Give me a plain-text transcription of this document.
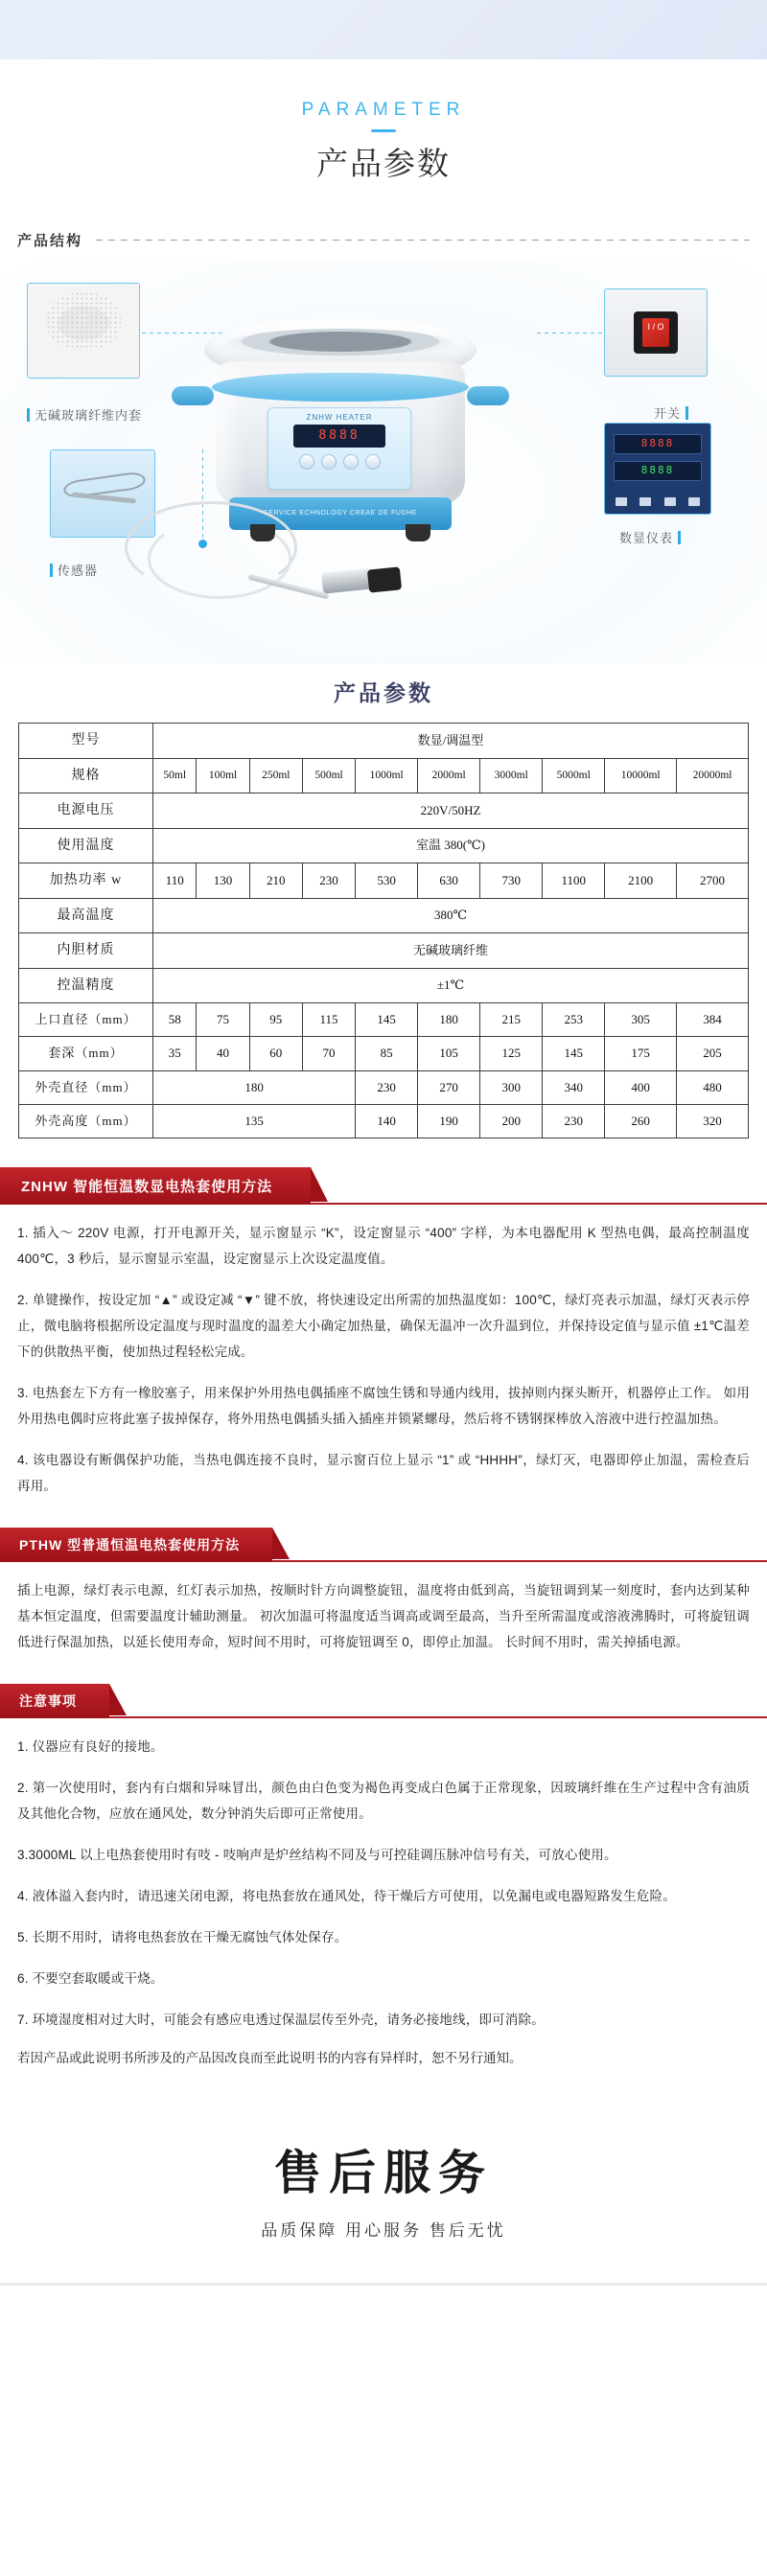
PARAMETER
产品参数
产品结构
无碱玻璃纤维内套
I / O
开关
8888
8888
数显仪表
传感器
ZNHW HEATER
8888
SERVICE ECHNOLOGY CREAE DE FUDHE
产品参数
型号	数显/调温型									
规格	50ml	100ml	250ml	500ml	1000ml	2000ml	3000ml	5000ml	10000ml	20000ml
电源电压	220V/50HZ									
使用温度	室温 380(℃)									
加热功率 w	110	130	210	230	530	630	730	1100	2100	2700
最高温度	380℃									
内胆材质	无碱玻璃纤维									
控温精度	±1℃									
上口直径（mm）	58	75	95	115	145	180	215	253	305	384
套深（mm）	35	40	60	70	85	105	125	145	175	205
外壳直径（mm）	180				230	270	300	340	400	480
外壳高度（mm）	135				140	190	200	230	260	320
ZNHW 智能恒温数显电热套使用方法

1. 插入～ 220V 电源，打开电源开关，显示窗显示 “K”，设定窗显示 “400” 字样，为本电器配用 K 型热电偶，最高控制温度 400℃，3 秒后，显示窗显示室温，设定窗显示上次设定温度值。

2. 单键操作，按设定加 “▲” 或设定减 “▼” 键不放，将快速设定出所需的加热温度如：100℃，绿灯亮表示加温，绿灯灭表示停止，微电脑将根据所设定温度与现时温度的温差大小确定加热量，确保无温冲一次升温到位，并保持设定值与显示值 ±1℃温差下的供散热平衡，使加热过程轻松完成。

3. 电热套左下方有一橡胶塞子，用来保护外用热电偶插座不腐蚀生锈和导通内线用，拔掉则内探头断开，机器停止工作。 如用外用热电偶时应将此塞子拔掉保存，将外用热电偶插头插入插座并锁紧螺母，然后将不锈钢探棒放入溶液中进行控温加热。

4. 该电器设有断偶保护功能，当热电偶连接不良时，显示窗百位上显示 “1” 或 “HHHH”，绿灯灭，电器即停止加温，需检查后再用。

PTHW 型普通恒温电热套使用方法

插上电源，绿灯表示电源，红灯表示加热，按顺时针方向调整旋钮，温度将由低到高，当旋钮调到某一刻度时，套内达到某种基本恒定温度，但需要温度计辅助测量。 初次加温可将温度适当调高或调至最高，当升至所需温度或溶液沸腾时，可将旋钮调低进行保温加热，以延长使用寿命，短时间不用时，可将旋钮调至 0，即停止加温。 长时间不用时，需关掉插电源。

注意事项

1. 仪器应有良好的接地。

2. 第一次使用时，套内有白烟和异味冒出，颜色由白色变为褐色再变成白色属于正常现象，因玻璃纤维在生产过程中含有油质及其他化合物，应放在通风处，数分钟消失后即可正常使用。

3.3000ML 以上电热套使用时有吱 - 吱响声是炉丝结构不同及与可控硅调压脉冲信号有关，可放心使用。

4. 液体溢入套内时，请迅速关闭电源，将电热套放在通风处，待干燥后方可使用，以免漏电或电器短路发生危险。

5. 长期不用时，请将电热套放在干燥无腐蚀气体处保存。

6. 不要空套取暖或干烧。

7. 环境湿度相对过大时，可能会有感应电透过保温层传至外壳，请务必接地线，即可消除。

若因产品或此说明书所涉及的产品因改良而至此说明书的内容有异样时，恕不另行通知。

售后服务
品质保障 用心服务 售后无忧
